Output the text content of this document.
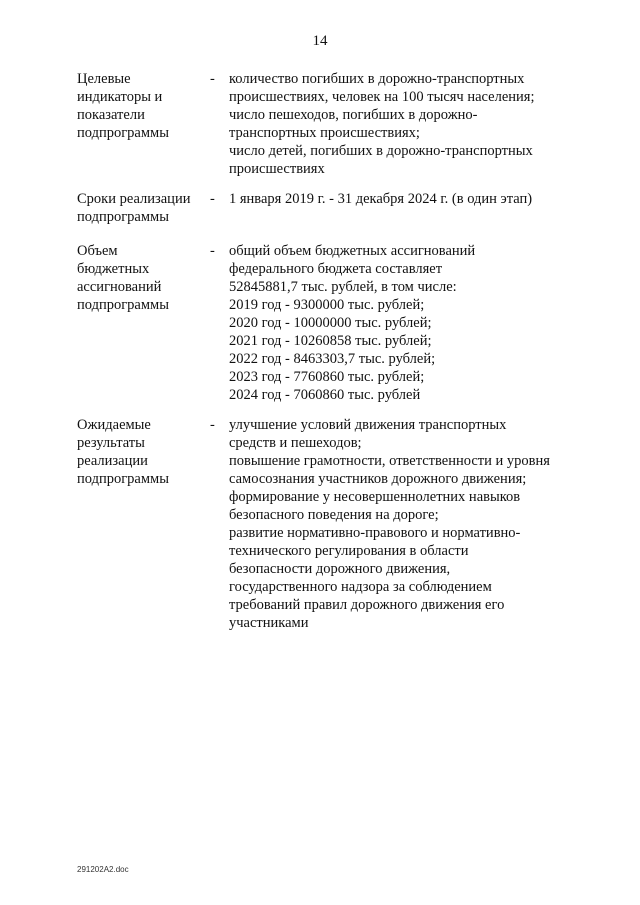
14
Целевые
индикаторы и
показатели
подпрограммы
- количество погибших в дорожно-транспортных
происшествиях, человек на 100 тысяч населения;
число пешеходов, погибших в дорожно-
транспортных происшествиях;
число детей, погибших в дорожно-транспортных
происшествиях
Сроки реализации
подпрограммы
- 1 января 2019 г. - 31 декабря 2024 г. (в один этап)
Объем
бюджетных
ассигнований
подпрограммы
- общий объем бюджетных ассигнований
федерального бюджета составляет
52845881,7 тыс. рублей, в том числе:
2019 год - 9300000 тыс. рублей;
2020 год - 10000000 тыс. рублей;
2021 год - 10260858 тыс. рублей;
2022 год - 8463303,7 тыс. рублей;
2023 год - 7760860 тыс. рублей;
2024 год - 7060860 тыс. рублей
Ожидаемые
результаты
реализации
подпрограммы
- улучшение условий движения транспортных
средств и пешеходов;
повышение грамотности, ответственности и уровня
самосознания участников дорожного движения;
формирование у несовершеннолетних навыков
безопасного поведения на дороге;
развитие нормативно-правового и нормативно-
технического регулирования в области
безопасности дорожного движения,
государственного надзора за соблюдением
требований правил дорожного движения его
участниками
291202A2.doc
